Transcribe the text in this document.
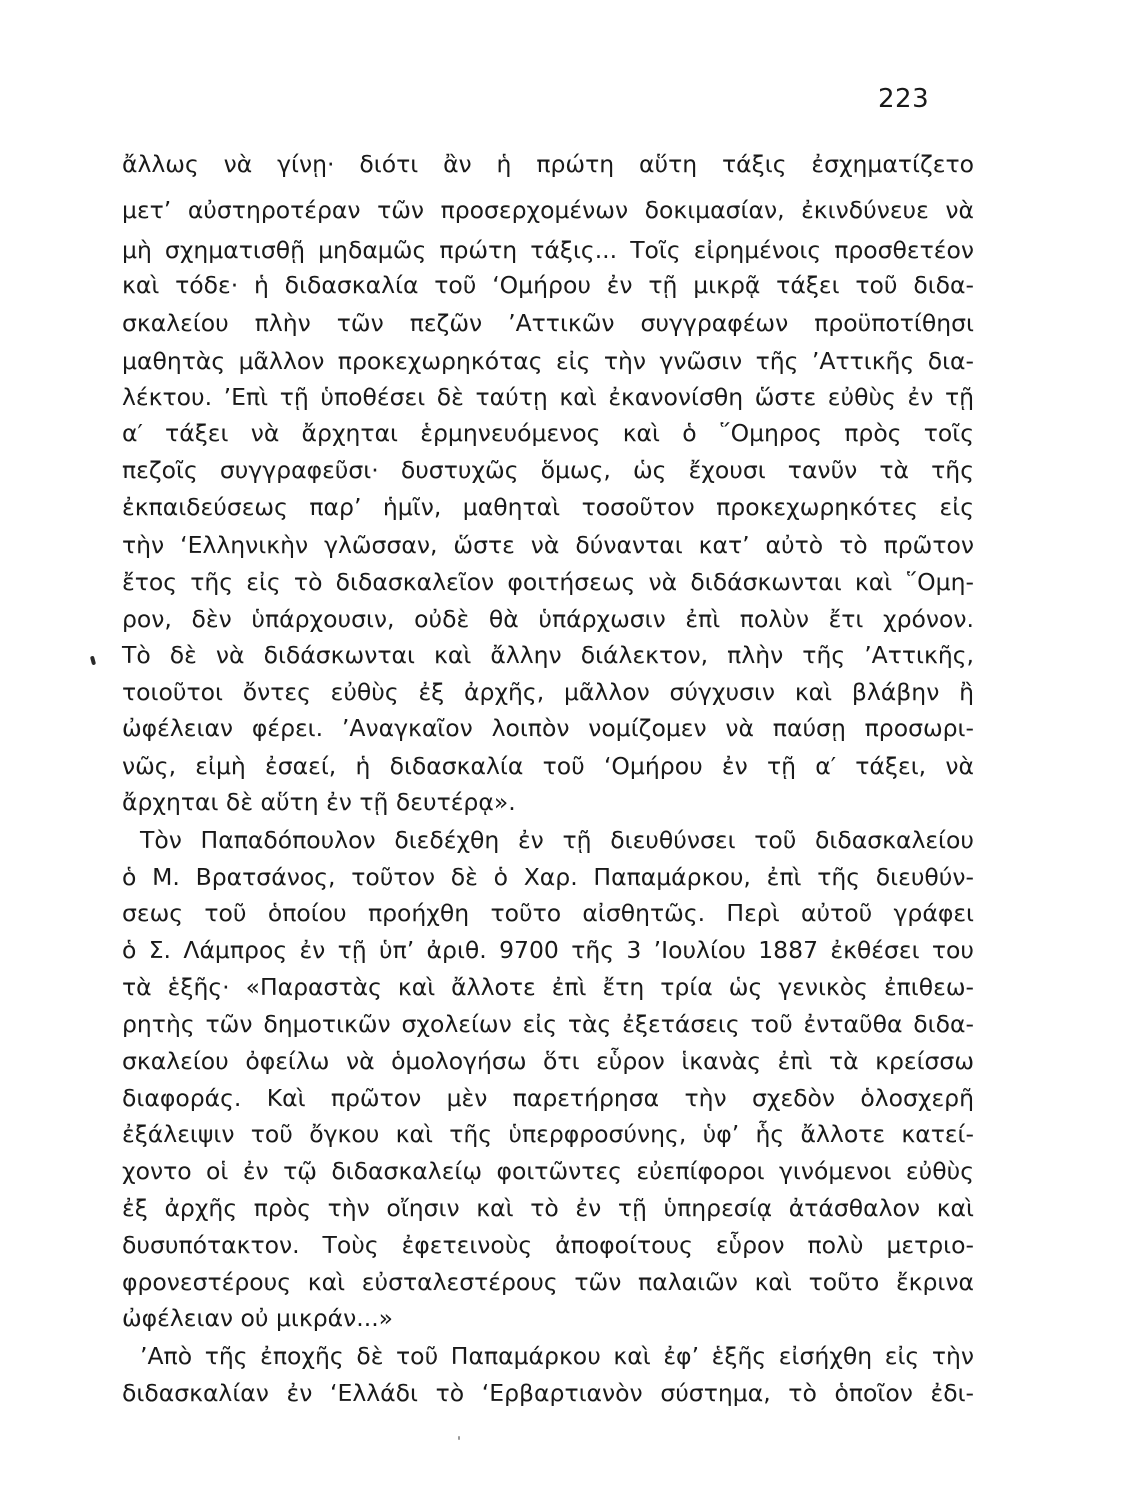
223
ἄλλως νὰ γίνῃ· διότι ἂν ἡ πρώτη αὕτη τάξις ἐσχηματίζετο
μετ’ αὐστηροτέραν τῶν προσερχομένων δοκιμασίαν, ἐκινδύνευε νὰ
μὴ σχηματισθῇ μηδαμῶς πρώτη τάξις... Τοῖς εἰρημένοις προσθετέον
καὶ τόδε· ἡ διδασκαλία τοῦ ‘Ομήρου ἐν τῇ μικρᾷ τάξει τοῦ διδα-
σκαλείου πλὴν τῶν πεζῶν ’Αττικῶν συγγραφέων προϋποτίθησι
μαθητὰς μᾶλλον προκεχωρηκότας εἰς τὴν γνῶσιν τῆς ’Αττικῆς δια-
λέκτου. ’Επὶ τῇ ὑποθέσει δὲ ταύτῃ καὶ ἐκανονίσθη ὥστε εὐθὺς ἐν τῇ
α′ τάξει νὰ ἄρχηται ἑρμηνευόμενος καὶ ὁ ῞Ομηρος πρὸς τοῖς
πεζοῖς συγγραφεῦσι· δυστυχῶς ὅμως, ὡς ἔχουσι τανῦν τὰ τῆς
ἐκπαιδεύσεως παρ’ ἡμῖν, μαθηταὶ τοσοῦτον προκεχωρηκότες εἰς
τὴν ‘Ελληνικὴν γλῶσσαν, ὥστε νὰ δύνανται κατ’ αὐτὸ τὸ πρῶτον
ἔτος τῆς εἰς τὸ διδασκαλεῖον φοιτήσεως νὰ διδάσκωνται καὶ ῞Ομη-
ρον, δὲν ὑπάρχουσιν, οὐδὲ θὰ ὑπάρχωσιν ἐπὶ πολὺν ἔτι χρόνον.
Τὸ δὲ νὰ διδάσκωνται καὶ ἄλλην διάλεκτον, πλὴν τῆς ’Αττικῆς,
τοιοῦτοι ὄντες εὐθὺς ἐξ ἀρχῆς, μᾶλλον σύγχυσιν καὶ βλάβην ἢ
ὠφέλειαν φέρει. ’Αναγκαῖον λοιπὸν νομίζομεν νὰ παύσῃ προσωρι-
νῶς, εἰμὴ ἐσαεί, ἡ διδασκαλία τοῦ ‘Ομήρου ἐν τῇ α′ τάξει, νὰ
ἄρχηται δὲ αὕτη ἐν τῇ δευτέρᾳ».
Τὸν Παπαδόπουλον διεδέχθη ἐν τῇ διευθύνσει τοῦ διδασκαλείου
ὁ Μ. Βρατσάνος, τοῦτον δὲ ὁ Χαρ. Παπαμάρκου, ἐπὶ τῆς διευθύν-
σεως τοῦ ὁποίου προήχθη τοῦτο αἰσθητῶς. Περὶ αὐτοῦ γράφει
ὁ Σ. Λάμπρος ἐν τῇ ὑπ’ ἀριθ. 9700 τῆς 3 ’Ιουλίου 1887 ἐκθέσει του
τὰ ἑξῆς· «Παραστὰς καὶ ἄλλοτε ἐπὶ ἔτη τρία ὡς γενικὸς ἐπιθεω-
ρητὴς τῶν δημοτικῶν σχολείων εἰς τὰς ἐξετάσεις τοῦ ἐνταῦθα διδα-
σκαλείου ὀφείλω νὰ ὁμολογήσω ὅτι εὗρον ἱκανὰς ἐπὶ τὰ κρείσσω
διαφοράς. Καὶ πρῶτον μὲν παρετήρησα τὴν σχεδὸν ὁλοσχερῆ
ἐξάλειψιν τοῦ ὄγκου καὶ τῆς ὑπερφροσύνης, ὑφ’ ἧς ἄλλοτε κατεί-
χοντο οἱ ἐν τῷ διδασκαλείῳ φοιτῶντες εὐεπίφοροι γινόμενοι εὐθὺς
ἐξ ἀρχῆς πρὸς τὴν οἴησιν καὶ τὸ ἐν τῇ ὑπηρεσίᾳ ἀτάσθαλον καὶ
δυσυπότακτον. Τοὺς ἐφετεινοὺς ἀποφοίτους εὗρον πολὺ μετριο-
φρονεστέρους καὶ εὐσταλεστέρους τῶν παλαιῶν καὶ τοῦτο ἔκρινα
ὠφέλειαν οὐ μικράν...»
’Απὸ τῆς ἐποχῆς δὲ τοῦ Παπαμάρκου καὶ ἐφ’ ἑξῆς εἰσήχθη εἰς τὴν
διδασκαλίαν ἐν ‘Ελλάδι τὸ ‘Ερβαρτιανὸν σύστημα, τὸ ὁποῖον ἐδι-
